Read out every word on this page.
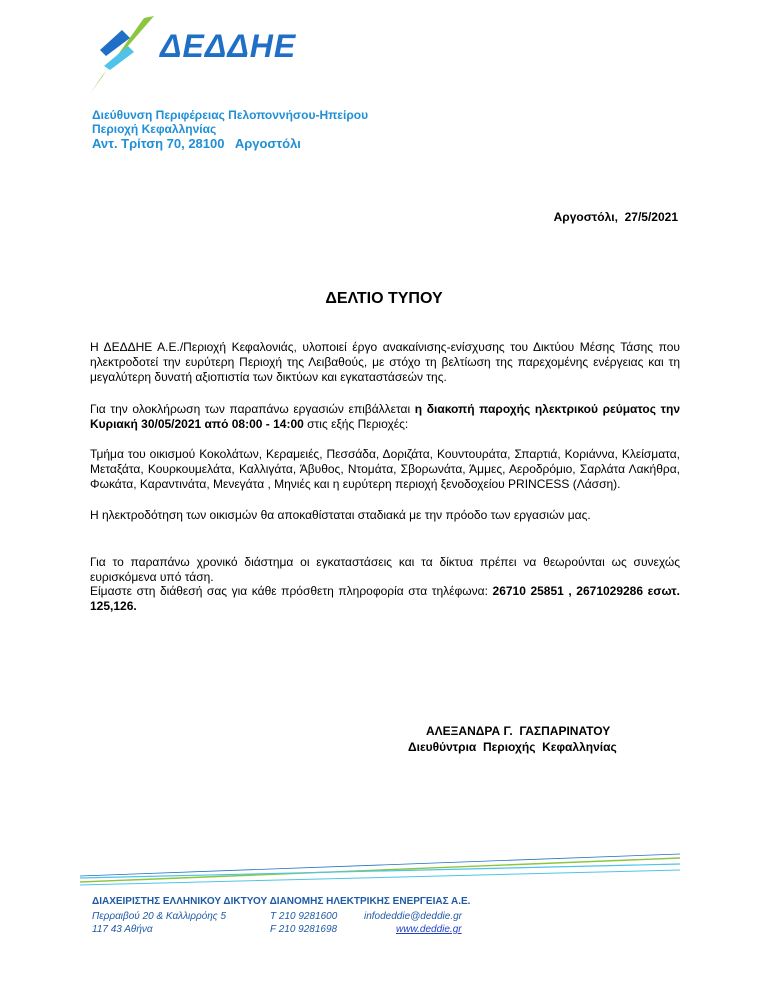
ΔΕΔΔΗΕ
Διεύθυνση Περιφέρειας Πελοποννήσου-Ηπείρου
Περιοχή Κεφαλληνίας
Αντ. Τρίτση 70, 28100   Αργοστόλι
Αργοστόλι,  27/5/2021
ΔΕΛΤΙΟ ΤΥΠΟΥ
Η ΔΕΔΔΗΕ Α.Ε./Περιοχή Κεφαλονιάς, υλοποιεί έργο ανακαίνισης-ενίσχυσης του Δικτύου Μέσης Τάσης που ηλεκτροδοτεί την ευρύτερη Περιοχή της Λειβαθούς, με στόχο τη βελτίωση της παρεχομένης ενέργειας και τη μεγαλύτερη δυνατή αξιοπιστία των δικτύων και εγκαταστάσεών της.
Για την ολοκλήρωση των παραπάνω εργασιών επιβάλλεται η διακοπή παροχής ηλεκτρικού ρεύματος την Κυριακή 30/05/2021 από 08:00 - 14:00 στις εξής Περιοχές:
Τμήμα του οικισμού Κοκολάτων, Κεραμειές, Πεσσάδα, Δοριζάτα, Κουντουράτα, Σπαρτιά, Κοριάννα, Κλείσματα, Μεταξάτα, Κουρκουμελάτα, Καλλιγάτα, Άβυθος, Ντομάτα, Σβορωνάτα, Άμμες, Αεροδρόμιο, Σαρλάτα Λακήθρα, Φωκάτα, Καραντινάτα, Μενεγάτα , Μηνιές και η ευρύτερη περιοχή ξενοδοχείου PRINCESS (Λάσση).
Η ηλεκτροδότηση των οικισμών θα αποκαθίσταται σταδιακά με την πρόοδο των εργασιών μας.
Για το παραπάνω χρονικό διάστημα οι εγκαταστάσεις και τα δίκτυα πρέπει να θεωρούνται ως συνεχώς ευρισκόμενα υπό τάση.
Είμαστε στη διάθεσή σας για κάθε πρόσθετη πληροφορία στα τηλέφωνα: 26710 25851 , 2671029286 εσωτ. 125,126.
ΑΛΕΞΑΝΔΡΑ Γ.  ΓΑΣΠΑΡΙΝΑΤΟΥ
Διευθύντρια  Περιοχής  Κεφαλληνίας
ΔΙΑΧΕΙΡΙΣΤΗΣ ΕΛΛΗΝΙΚΟΥ ΔΙΚΤΥΟΥ ΔΙΑΝΟΜΗΣ ΗΛΕΚΤΡΙΚΗΣ ΕΝΕΡΓΕΙΑΣ Α.Ε.
Περραιβού 20 & Καλλιρρόης 5
117 43 Αθήνα
T 210 9281600
F 210 9281698
infodeddie@deddie.gr
www.deddie.gr
